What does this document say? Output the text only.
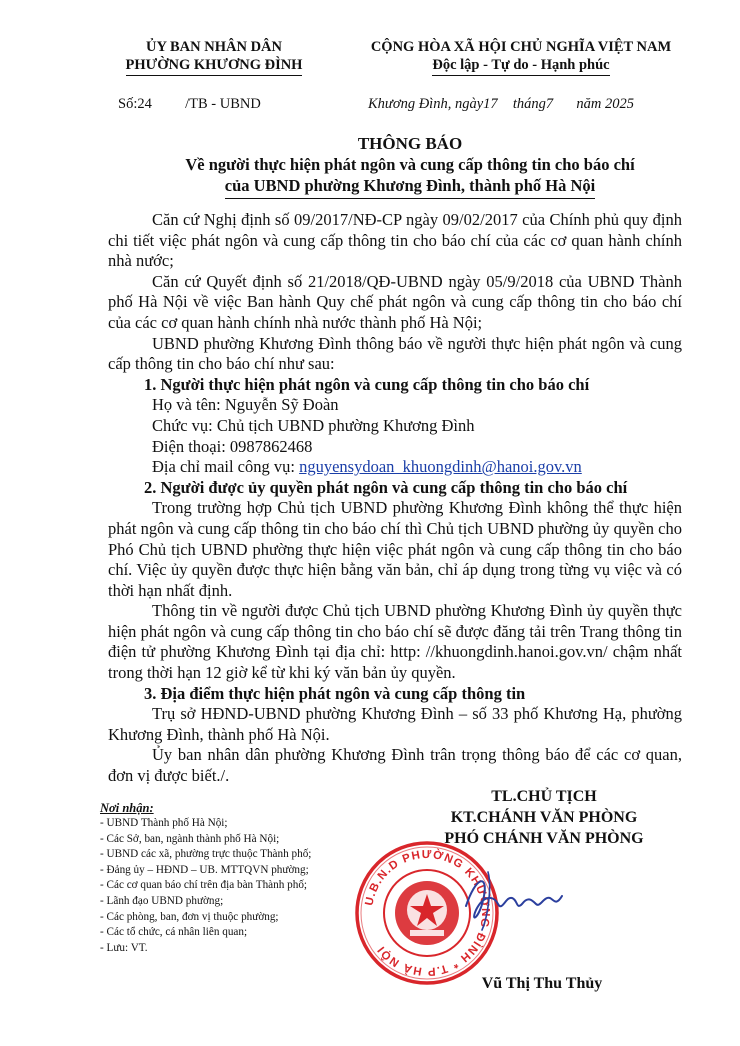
ỦY BAN NHÂN DÂN
PHƯỜNG KHƯƠNG ĐÌNH
CỘNG HÒA XÃ HỘI CHỦ NGHĨA VIỆT NAM
Độc lập - Tự do - Hạnh phúc
Số:24 /TB - UBND	Khương Đình, ngày17 tháng7 năm 2025
THÔNG BÁO
Về người thực hiện phát ngôn và cung cấp thông tin cho báo chí
của UBND phường Khương Đình, thành phố Hà Nội

Căn cứ Nghị định số 09/2017/NĐ-CP ngày 09/02/2017 của Chính phủ quy định chi tiết việc phát ngôn và cung cấp thông tin cho báo chí của các cơ quan hành chính nhà nước;

Căn cứ Quyết định số 21/2018/QĐ-UBND ngày 05/9/2018 của UBND Thành phố Hà Nội về việc Ban hành Quy chế phát ngôn và cung cấp thông tin cho báo chí của các cơ quan hành chính nhà nước thành phố Hà Nội;

UBND phường Khương Đình thông báo về người thực hiện phát ngôn và cung cấp thông tin cho báo chí như sau:

1. Người thực hiện phát ngôn và cung cấp thông tin cho báo chí

Họ và tên: Nguyễn Sỹ Đoàn

Chức vụ: Chủ tịch UBND phường Khương Đình

Điện thoại: 0987862468

Địa chỉ mail công vụ: nguyensydoan_khuongdinh@hanoi.gov.vn

2. Người được ủy quyền phát ngôn và cung cấp thông tin cho báo chí

Trong trường hợp Chủ tịch UBND phường Khương Đình không thể thực hiện phát ngôn và cung cấp thông tin cho báo chí thì Chủ tịch UBND phường ủy quyền cho Phó Chủ tịch UBND phường thực hiện việc phát ngôn và cung cấp thông tin cho báo chí. Việc ủy quyền được thực hiện bằng văn bản, chỉ áp dụng trong từng vụ việc và có thời hạn nhất định.

Thông tin về người được Chủ tịch UBND phường Khương Đình ủy quyền thực hiện phát ngôn và cung cấp thông tin cho báo chí sẽ được đăng tải trên Trang thông tin điện tử phường Khương Đình tại địa chỉ: http: //khuongdinh.hanoi.gov.vn/ chậm nhất trong thời hạn 12 giờ kể từ khi ký văn bản ủy quyền.

3. Địa điểm thực hiện phát ngôn và cung cấp thông tin

Trụ sở HĐND-UBND phường Khương Đình – số 33 phố Khương Hạ, phường Khương Đình, thành phố Hà Nội.

Ủy ban nhân dân phường Khương Đình trân trọng thông báo để các cơ quan, đơn vị được biết./.

Nơi nhận:
- UBND Thành phố Hà Nội;
- Các Sở, ban, ngành thành phố Hà Nội;
- UBND các xã, phường trực thuộc Thành phố;
- Đảng ủy – HĐND – UB. MTTQVN phường;
- Các cơ quan báo chí trên địa bàn Thành phố;
- Lãnh đạo UBND phường;
- Các phòng, ban, đơn vị thuộc phường;
- Các tổ chức, cá nhân liên quan;
- Lưu: VT.
TL.CHỦ TỊCH
KT.CHÁNH VĂN PHÒNG
PHÓ CHÁNH VĂN PHÒNG
U.B.N.D PHƯỜNG KHƯƠNG ĐÌNH * T.P HÀ NỘI
Vũ Thị Thu Thủy
